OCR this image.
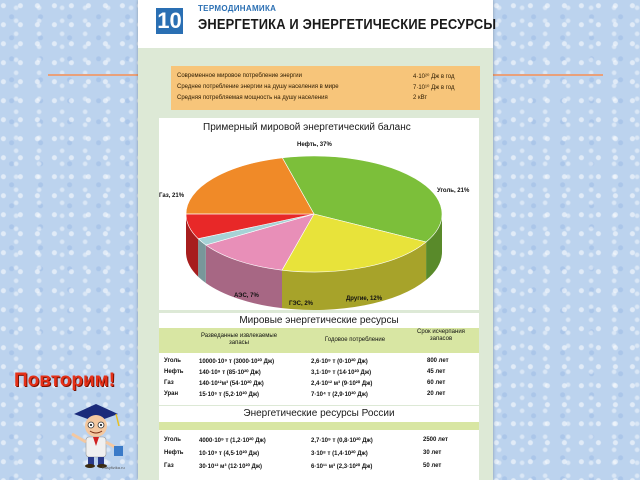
10 ТЕРМОДИНАМИКА
ЭНЕРГЕТИКА И ЭНЕРГЕТИЧЕСКИЕ РЕСУРСЫ
Современное мировое потребление энергии	4·10²⁰ Дж в год
Среднее потребление энергии на душу населения в мире	7·10¹⁰ Дж в год
Средняя потребляемая мощность на душу населения	2 кВт
Примерный мировой энергетический баланс
Нефть, 37%
Уголь, 21%
Газ, 21%
АЭС, 7%
ГЭС, 2%
Другие, 12%
Мировые энергетические ресурсы
Разведанные извлекаемые запасы	Годовое потребление
Срок исчерпания запасов
Уголь	10000·10⁹ т (3000·10²⁰ Дж)	2,6·10⁹ т (0·10²⁰ Дж)	800 лет
Нефть	140·10⁹ т (85·10²⁰ Дж)	3,1·10⁹ т (14·10²⁰ Дж)	45 лет
Газ	140·10¹²м³ (54·10²⁰ Дж)	2,4·10¹² м³ (9·10²⁰ Дж)	60 лет
Уран	15·10⁶ т (5,2·10²⁰ Дж)	7·10⁴ т (2,9·10²⁰ Дж)	20 лет
Энергетические ресурсы России
Уголь	4000·10⁹ т (1,2·10²⁰ Дж)	2,7·10⁹ т (0,8·10²⁰ Дж)	2500 лет
Нефть	10·10⁹ т (4,5·10²⁰ Дж)	3·10⁸ т (1,4·10²⁰ Дж)	30 лет
Газ	30·10¹² м³ (12·10²⁰ Дж)	6·10¹¹ м³ (2,3·10²⁰ Дж)	50 лет
Повторим!
Easyfizika.ru
